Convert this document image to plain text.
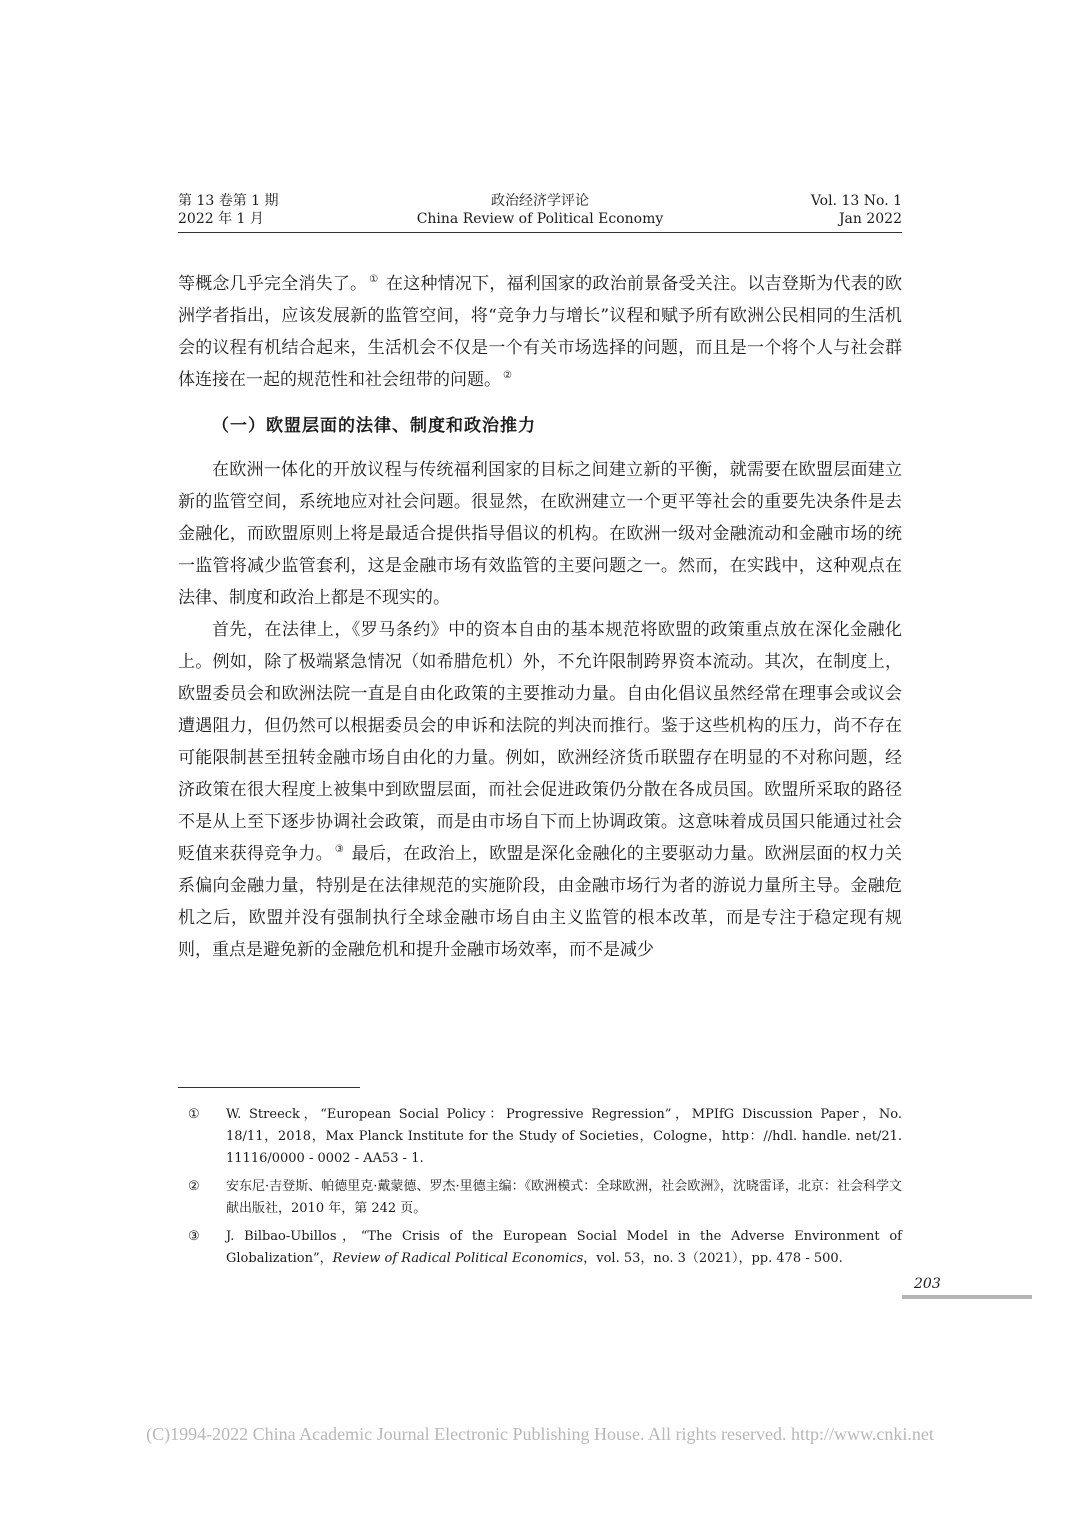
第 13 卷第 1 期
2022 年 1 月
政治经济学评论
China Review of Political Economy
Vol. 13 No. 1
Jan 2022

等概念几乎完全消失了。 ① 在这种情况下，福利国家的政治前景备受关注。以吉登斯为代表的欧洲学者指出，应该发展新的监管空间，将“竞争力与增长”议程和赋予所有欧洲公民相同的生活机会的议程有机结合起来，生活机会不仅是一个有关市场选择的问题，而且是一个将个人与社会群体连接在一起的规范性和社会纽带的问题。 ②

（一）欧盟层面的法律、制度和政治推力

在欧洲一体化的开放议程与传统福利国家的目标之间建立新的平衡，就需要在欧盟层面建立新的监管空间，系统地应对社会问题。很显然，在欧洲建立一个更平等社会的重要先决条件是去金融化，而欧盟原则上将是最适合提供指导倡议的机构。在欧洲一级对金融流动和金融市场的统一监管将减少监管套利，这是金融市场有效监管的主要问题之一。然而，在实践中，这种观点在法律、制度和政治上都是不现实的。

首先，在法律上，《罗马条约》中的资本自由的基本规范将欧盟的政策重点放在深化金融化上。例如，除了极端紧急情况（如希腊危机）外，不允许限制跨界资本流动。其次，在制度上，欧盟委员会和欧洲法院一直是自由化政策的主要推动力量。自由化倡议虽然经常在理事会或议会遭遇阻力，但仍然可以根据委员会的申诉和法院的判决而推行。鉴于这些机构的压力，尚不存在可能限制甚至扭转金融市场自由化的力量。例如，欧洲经济货币联盟存在明显的不对称问题，经济政策在很大程度上被集中到欧盟层面，而社会促进政策仍分散在各成员国。欧盟所采取的路径不是从上至下逐步协调社会政策，而是由市场自下而上协调政策。这意味着成员国只能通过社会贬值来获得竞争力。 ③ 最后，在政治上，欧盟是深化金融化的主要驱动力量。欧洲层面的权力关系偏向金融力量，特别是在法律规范的实施阶段，由金融市场行为者的游说力量所主导。金融危机之后，欧盟并没有强制执行全球金融市场自由主义监管的根本改革，而是专注于稳定现有规则，重点是避免新的金融危机和提升金融市场效率，而不是减少

①	W. Streeck，“European Social Policy：Progressive Regression”，MPIfG Discussion Paper，No. 18/11，2018，Max Planck Institute for the Study of Societies，Cologne，http：//hdl. handle. net/21. 11116/0000 - 0002 - AA53 - 1.
②	安东尼·吉登斯、帕德里克·戴蒙德、罗杰·里德主编：《欧洲模式：全球欧洲，社会欧洲》，沈晓雷译，北京：社会科学文献出版社，2010 年，第 242 页。
③	J. Bilbao-Ubillos，“The Crisis of the European Social Model in the Adverse Environment of Globalization”，Review of Radical Political Economics，vol. 53，no. 3（2021），pp. 478 - 500.
203
(C)1994-2022 China Academic Journal Electronic Publishing House. All rights reserved. http://www.cnki.net
